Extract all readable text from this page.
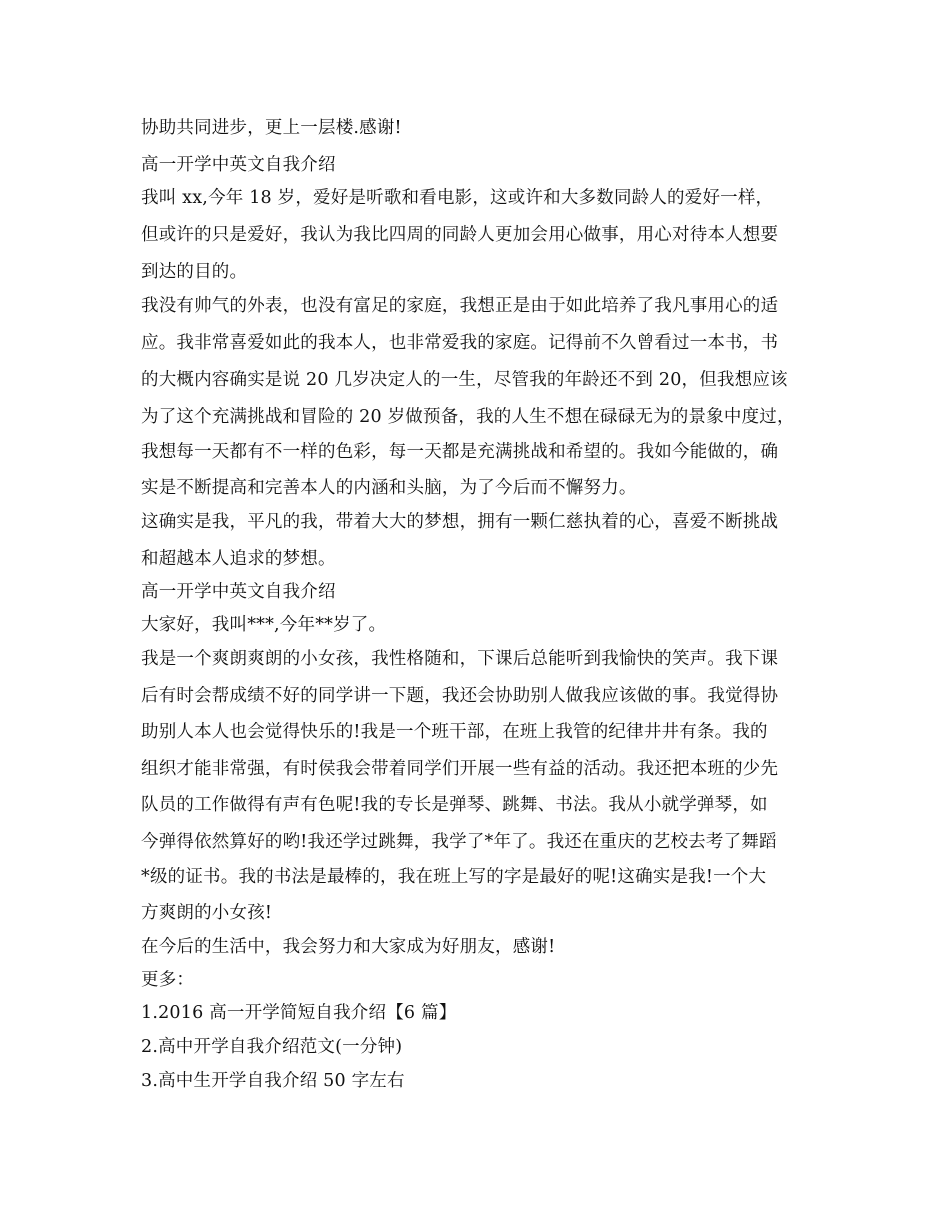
协助共同进步，更上一层楼.感谢!
高一开学中英文自我介绍
我叫 xx,今年 18 岁，爱好是听歌和看电影，这或许和大多数同龄人的爱好一样，
但或许的只是爱好，我认为我比四周的同龄人更加会用心做事，用心对待本人想要
到达的目的。
我没有帅气的外表，也没有富足的家庭，我想正是由于如此培养了我凡事用心的适
应。我非常喜爱如此的我本人，也非常爱我的家庭。记得前不久曾看过一本书，书
的大概内容确实是说 20 几岁决定人的一生，尽管我的年龄还不到 20，但我想应该
为了这个充满挑战和冒险的 20 岁做预备，我的人生不想在碌碌无为的景象中度过，
我想每一天都有不一样的色彩，每一天都是充满挑战和希望的。我如今能做的，确
实是不断提高和完善本人的内涵和头脑，为了今后而不懈努力。
这确实是我，平凡的我，带着大大的梦想，拥有一颗仁慈执着的心，喜爱不断挑战
和超越本人追求的梦想。
高一开学中英文自我介绍
大家好，我叫***,今年**岁了。
我是一个爽朗爽朗的小女孩，我性格随和，下课后总能听到我愉快的笑声。我下课
后有时会帮成绩不好的同学讲一下题，我还会协助别人做我应该做的事。我觉得协
助别人本人也会觉得快乐的!我是一个班干部，在班上我管的纪律井井有条。我的
组织才能非常强，有时侯我会带着同学们开展一些有益的活动。我还把本班的少先
队员的工作做得有声有色呢!我的专长是弹琴、跳舞、书法。我从小就学弹琴，如
今弹得依然算好的哟!我还学过跳舞，我学了*年了。我还在重庆的艺校去考了舞蹈
*级的证书。我的书法是最棒的，我在班上写的字是最好的呢!这确实是我!一个大
方爽朗的小女孩!
在今后的生活中，我会努力和大家成为好朋友，感谢!
更多：
1.2016 高一开学简短自我介绍【6 篇】
2.高中开学自我介绍范文(一分钟)
3.高中生开学自我介绍 50 字左右
